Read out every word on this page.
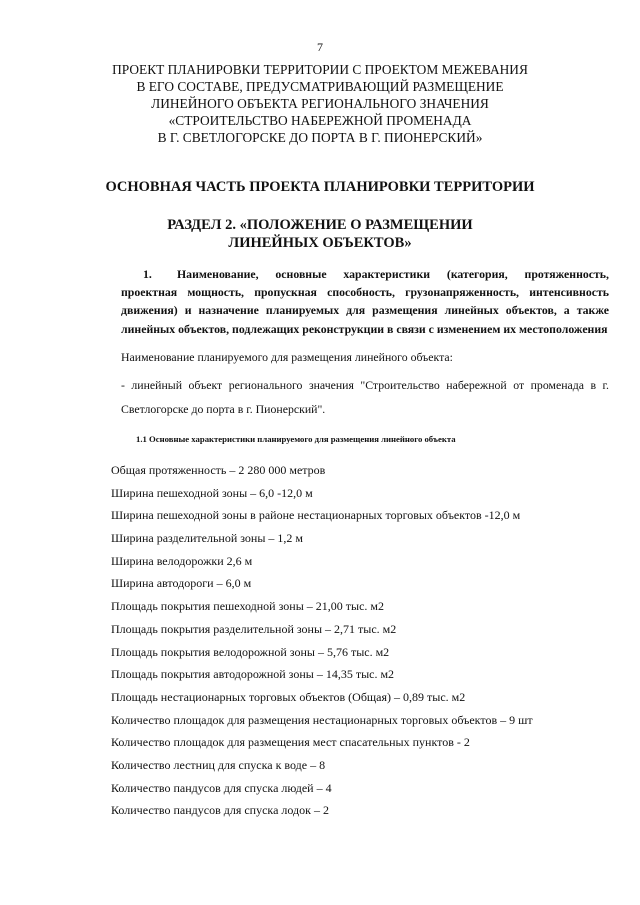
7
ПРОЕКТ ПЛАНИРОВКИ ТЕРРИТОРИИ С ПРОЕКТОМ МЕЖЕВАНИЯ
В ЕГО СОСТАВЕ, ПРЕДУСМАТРИВАЮЩИЙ РАЗМЕЩЕНИЕ
ЛИНЕЙНОГО ОБЪЕКТА РЕГИОНАЛЬНОГО ЗНАЧЕНИЯ
«СТРОИТЕЛЬСТВО НАБЕРЕЖНОЙ ПРОМЕНАДА
В Г. СВЕТЛОГОРСКЕ ДО ПОРТА В Г. ПИОНЕРСКИЙ»
ОСНОВНАЯ ЧАСТЬ ПРОЕКТА ПЛАНИРОВКИ ТЕРРИТОРИИ
РАЗДЕЛ 2. «ПОЛОЖЕНИЕ О РАЗМЕЩЕНИИ
ЛИНЕЙНЫХ ОБЪЕКТОВ»
1. Наименование, основные характеристики (категория, протяженность, проектная мощность, пропускная способность, грузонапряженность, интенсивность движения) и назначение планируемых для размещения линейных объектов, а также линейных объектов, подлежащих реконструкции в связи с изменением их местоположения
Наименование планируемого для размещения линейного объекта:
- линейный объект регионального значения "Строительство набережной от променада в г. Светлогорске до порта в г. Пионерский".
1.1 Основные характеристики планируемого для размещения линейного объекта
Общая протяженность – 2 280 000 метров
Ширина пешеходной зоны – 6,0 -12,0 м
Ширина пешеходной зоны в районе нестационарных торговых объектов -12,0 м
Ширина разделительной зоны – 1,2 м
Ширина велодорожки 2,6 м
Ширина автодороги – 6,0 м
Площадь покрытия пешеходной зоны – 21,00 тыс. м2
Площадь покрытия разделительной зоны – 2,71 тыс. м2
Площадь покрытия велодорожной зоны – 5,76 тыс. м2
Площадь покрытия автодорожной зоны – 14,35 тыс. м2
Площадь нестационарных торговых объектов (Общая) – 0,89 тыс. м2
Количество площадок для размещения нестационарных торговых объектов – 9 шт
Количество площадок для размещения мест спасательных пунктов - 2
Количество лестниц для спуска к воде – 8
Количество пандусов для спуска людей – 4
Количество пандусов для спуска лодок – 2
